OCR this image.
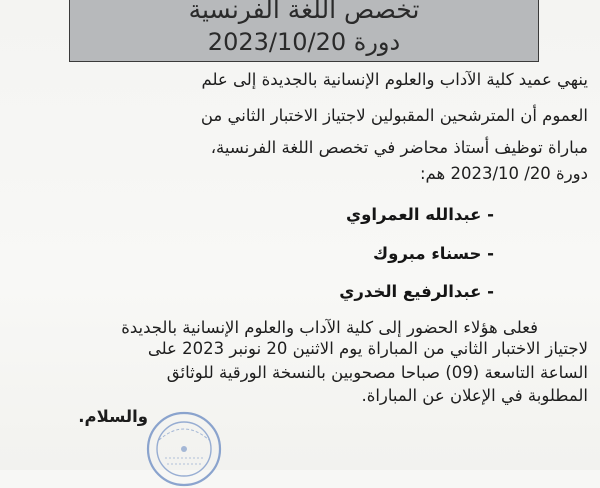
تخصص اللغة الفرنسية
دورة 2023/10/20
ينهي عميد كلية الآداب والعلوم الإنسانية بالجديدة إلى علم
العموم أن المترشحين المقبولين لاجتياز الاختبار الثاني من
مباراة توظيف أستاذ محاضر في تخصص اللغة الفرنسية،
دورة 20/ 2023/10 هم:
- عبدالله العمراوي
- حسناء مبروك
- عبدالرفيع الخدري
فعلى هؤلاء الحضور إلى كلية الآداب والعلوم الإنسانية بالجديدة
لاجتياز الاختبار الثاني من المباراة يوم الاثنين 20 نونبر 2023 على
الساعة التاسعة (09) صباحا مصحوبين بالنسخة الورقية للوثائق
المطلوبة في الإعلان عن المباراة.
والسلام.
